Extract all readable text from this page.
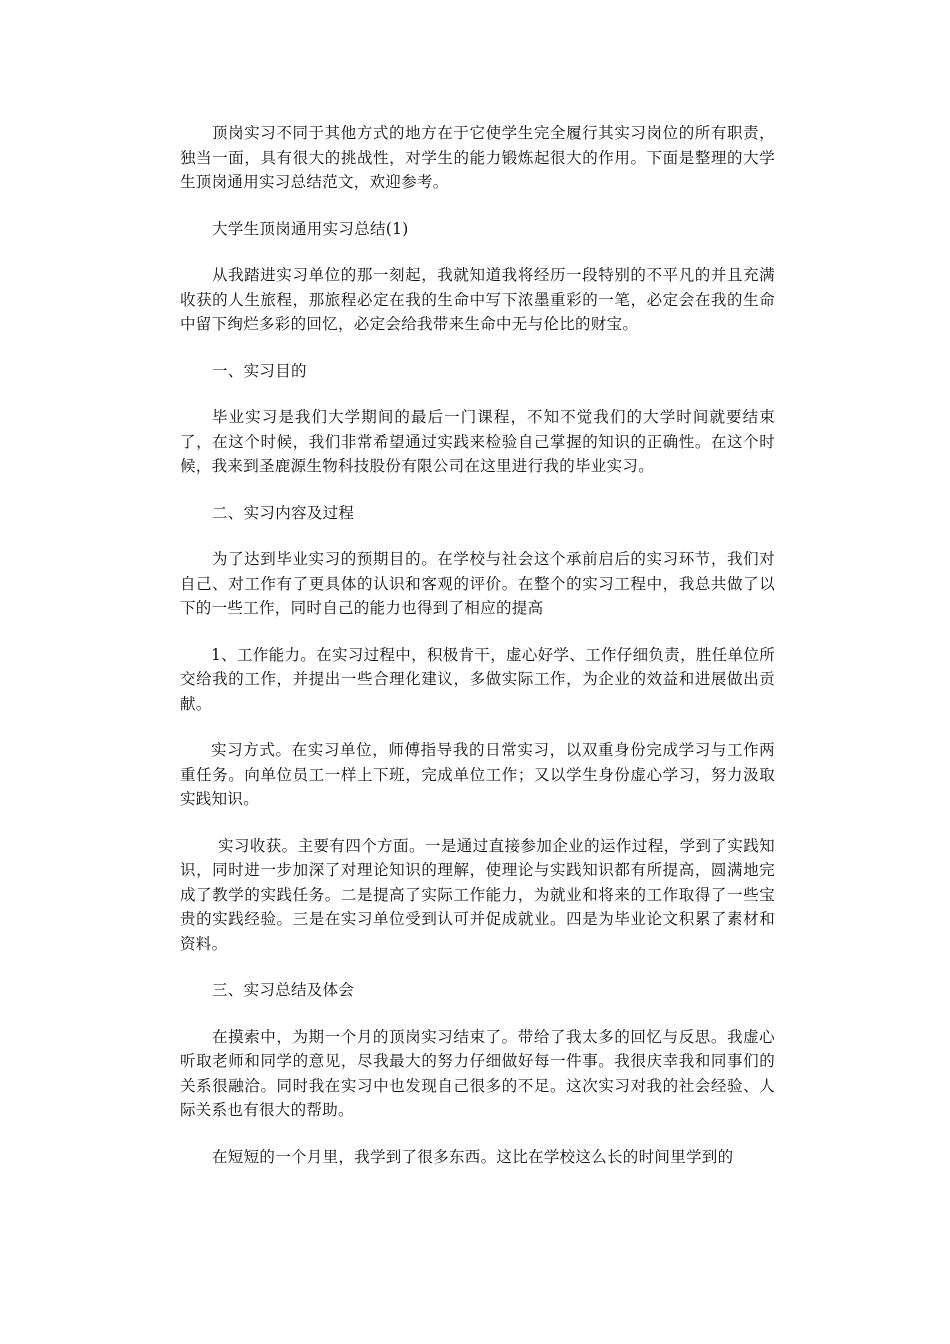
顶岗实习不同于其他方式的地方在于它使学生完全履行其实习岗位的所有职责，独当一面，具有很大的挑战性，对学生的能力锻炼起很大的作用。下面是整理的大学生顶岗通用实习总结范文，欢迎参考。

大学生顶岗通用实习总结(1)

从我踏进实习单位的那一刻起，我就知道我将经历一段特别的不平凡的并且充满收获的人生旅程，那旅程必定在我的生命中写下浓墨重彩的一笔，必定会在我的生命中留下绚烂多彩的回忆，必定会给我带来生命中无与伦比的财宝。

一、实习目的

毕业实习是我们大学期间的最后一门课程，不知不觉我们的大学时间就要结束了，在这个时候，我们非常希望通过实践来检验自己掌握的知识的正确性。在这个时候，我来到圣鹿源生物科技股份有限公司在这里进行我的毕业实习。

二、实习内容及过程

为了达到毕业实习的预期目的。在学校与社会这个承前启后的实习环节，我们对自己、对工作有了更具体的认识和客观的评价。在整个的实习工程中，我总共做了以下的一些工作，同时自己的能力也得到了相应的提高

1、工作能力。在实习过程中，积极肯干，虚心好学、工作仔细负责，胜任单位所交给我的工作，并提出一些合理化建议，多做实际工作，为企业的效益和进展做出贡献。

实习方式。在实习单位，师傅指导我的日常实习，以双重身份完成学习与工作两重任务。向单位员工一样上下班，完成单位工作；又以学生身份虚心学习，努力汲取实践知识。

实习收获。主要有四个方面。一是通过直接参加企业的运作过程，学到了实践知识，同时进一步加深了对理论知识的理解，使理论与实践知识都有所提高，圆满地完成了教学的实践任务。二是提高了实际工作能力，为就业和将来的工作取得了一些宝贵的实践经验。三是在实习单位受到认可并促成就业。四是为毕业论文积累了素材和资料。

三、实习总结及体会

在摸索中，为期一个月的顶岗实习结束了。带给了我太多的回忆与反思。我虚心听取老师和同学的意见，尽我最大的努力仔细做好每一件事。我很庆幸我和同事们的关系很融洽。同时我在实习中也发现自己很多的不足。这次实习对我的社会经验、人际关系也有很大的帮助。

在短短的一个月里，我学到了很多东西。这比在学校这么长的时间里学到的
